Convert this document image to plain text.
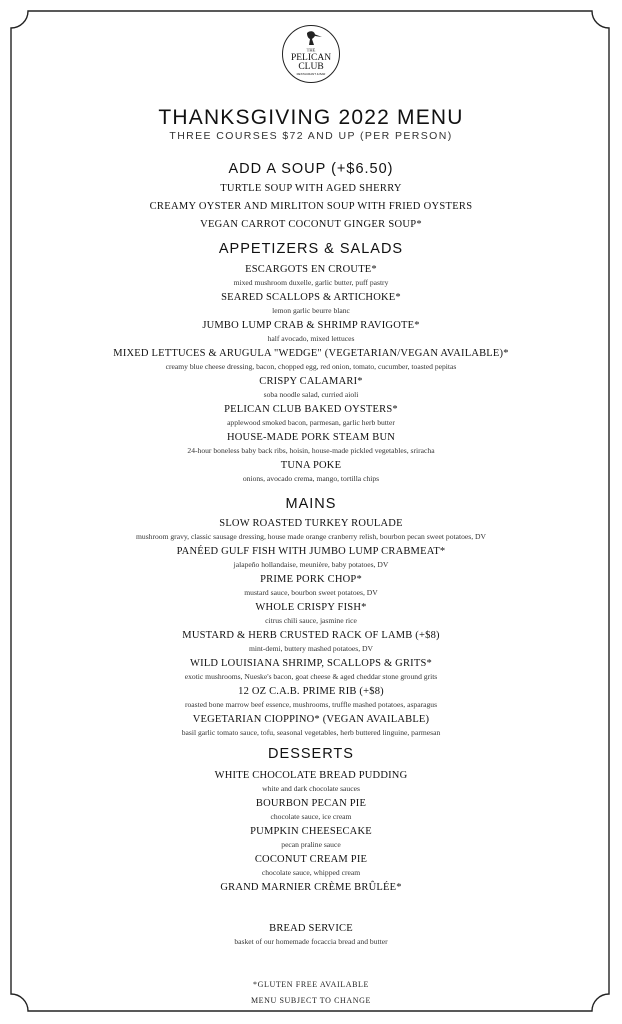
THE
PELICAN
CLUB
RESTAURANT & BAR
THANKSGIVING 2022 MENU
THREE COURSES $72 AND UP (PER PERSON)
ADD A SOUP (+$6.50)
TURTLE SOUP WITH AGED SHERRY
CREAMY OYSTER AND MIRLITON SOUP WITH FRIED OYSTERS
VEGAN CARROT COCONUT GINGER SOUP*
APPETIZERS & SALADS
ESCARGOTS EN CROUTE*
mixed mushroom duxelle, garlic butter, puff pastry
SEARED SCALLOPS & ARTICHOKE*
lemon garlic beurre blanc
JUMBO LUMP CRAB & SHRIMP RAVIGOTE*
half avocado, mixed lettuces
MIXED LETTUCES & ARUGULA "WEDGE" (VEGETARIAN/VEGAN AVAILABLE)*
creamy blue cheese dressing, bacon, chopped egg, red onion, tomato, cucumber, toasted pepitas
CRISPY CALAMARI*
soba noodle salad, curried aioli
PELICAN CLUB BAKED OYSTERS*
applewood smoked bacon, parmesan, garlic herb butter
HOUSE-MADE PORK STEAM BUN
24-hour boneless baby back ribs, hoisin, house-made pickled vegetables, sriracha
TUNA POKE
onions, avocado crema, mango, tortilla chips
MAINS
SLOW ROASTED TURKEY ROULADE
mushroom gravy, classic sausage dressing, house made orange cranberry relish, bourbon pecan sweet potatoes, DV
PANÉED GULF FISH WITH JUMBO LUMP CRABMEAT*
jalapeño hollandaise, meunière, baby potatoes, DV
PRIME PORK CHOP*
mustard sauce, bourbon sweet potatoes, DV
WHOLE CRISPY FISH*
citrus chili sauce, jasmine rice
MUSTARD & HERB CRUSTED RACK OF LAMB (+$8)
mint-demi, buttery mashed potatoes, DV
WILD LOUISIANA SHRIMP, SCALLOPS & GRITS*
exotic mushrooms, Nueske's bacon, goat cheese & aged cheddar stone ground grits
12 OZ C.A.B. PRIME RIB (+$8)
roasted bone marrow beef essence, mushrooms, truffle mashed potatoes, asparagus
VEGETARIAN CIOPPINO* (VEGAN AVAILABLE)
basil garlic tomato sauce, tofu, seasonal vegetables, herb buttered linguine, parmesan
DESSERTS
WHITE CHOCOLATE BREAD PUDDING
white and dark chocolate sauces
BOURBON PECAN PIE
chocolate sauce, ice cream
PUMPKIN CHEESECAKE
pecan praline sauce
COCONUT CREAM PIE
chocolate sauce, whipped cream
GRAND MARNIER CRÈME BRÛLÉE*
BREAD SERVICE
basket of our homemade focaccia bread and butter
*GLUTEN FREE AVAILABLE
MENU SUBJECT TO CHANGE
